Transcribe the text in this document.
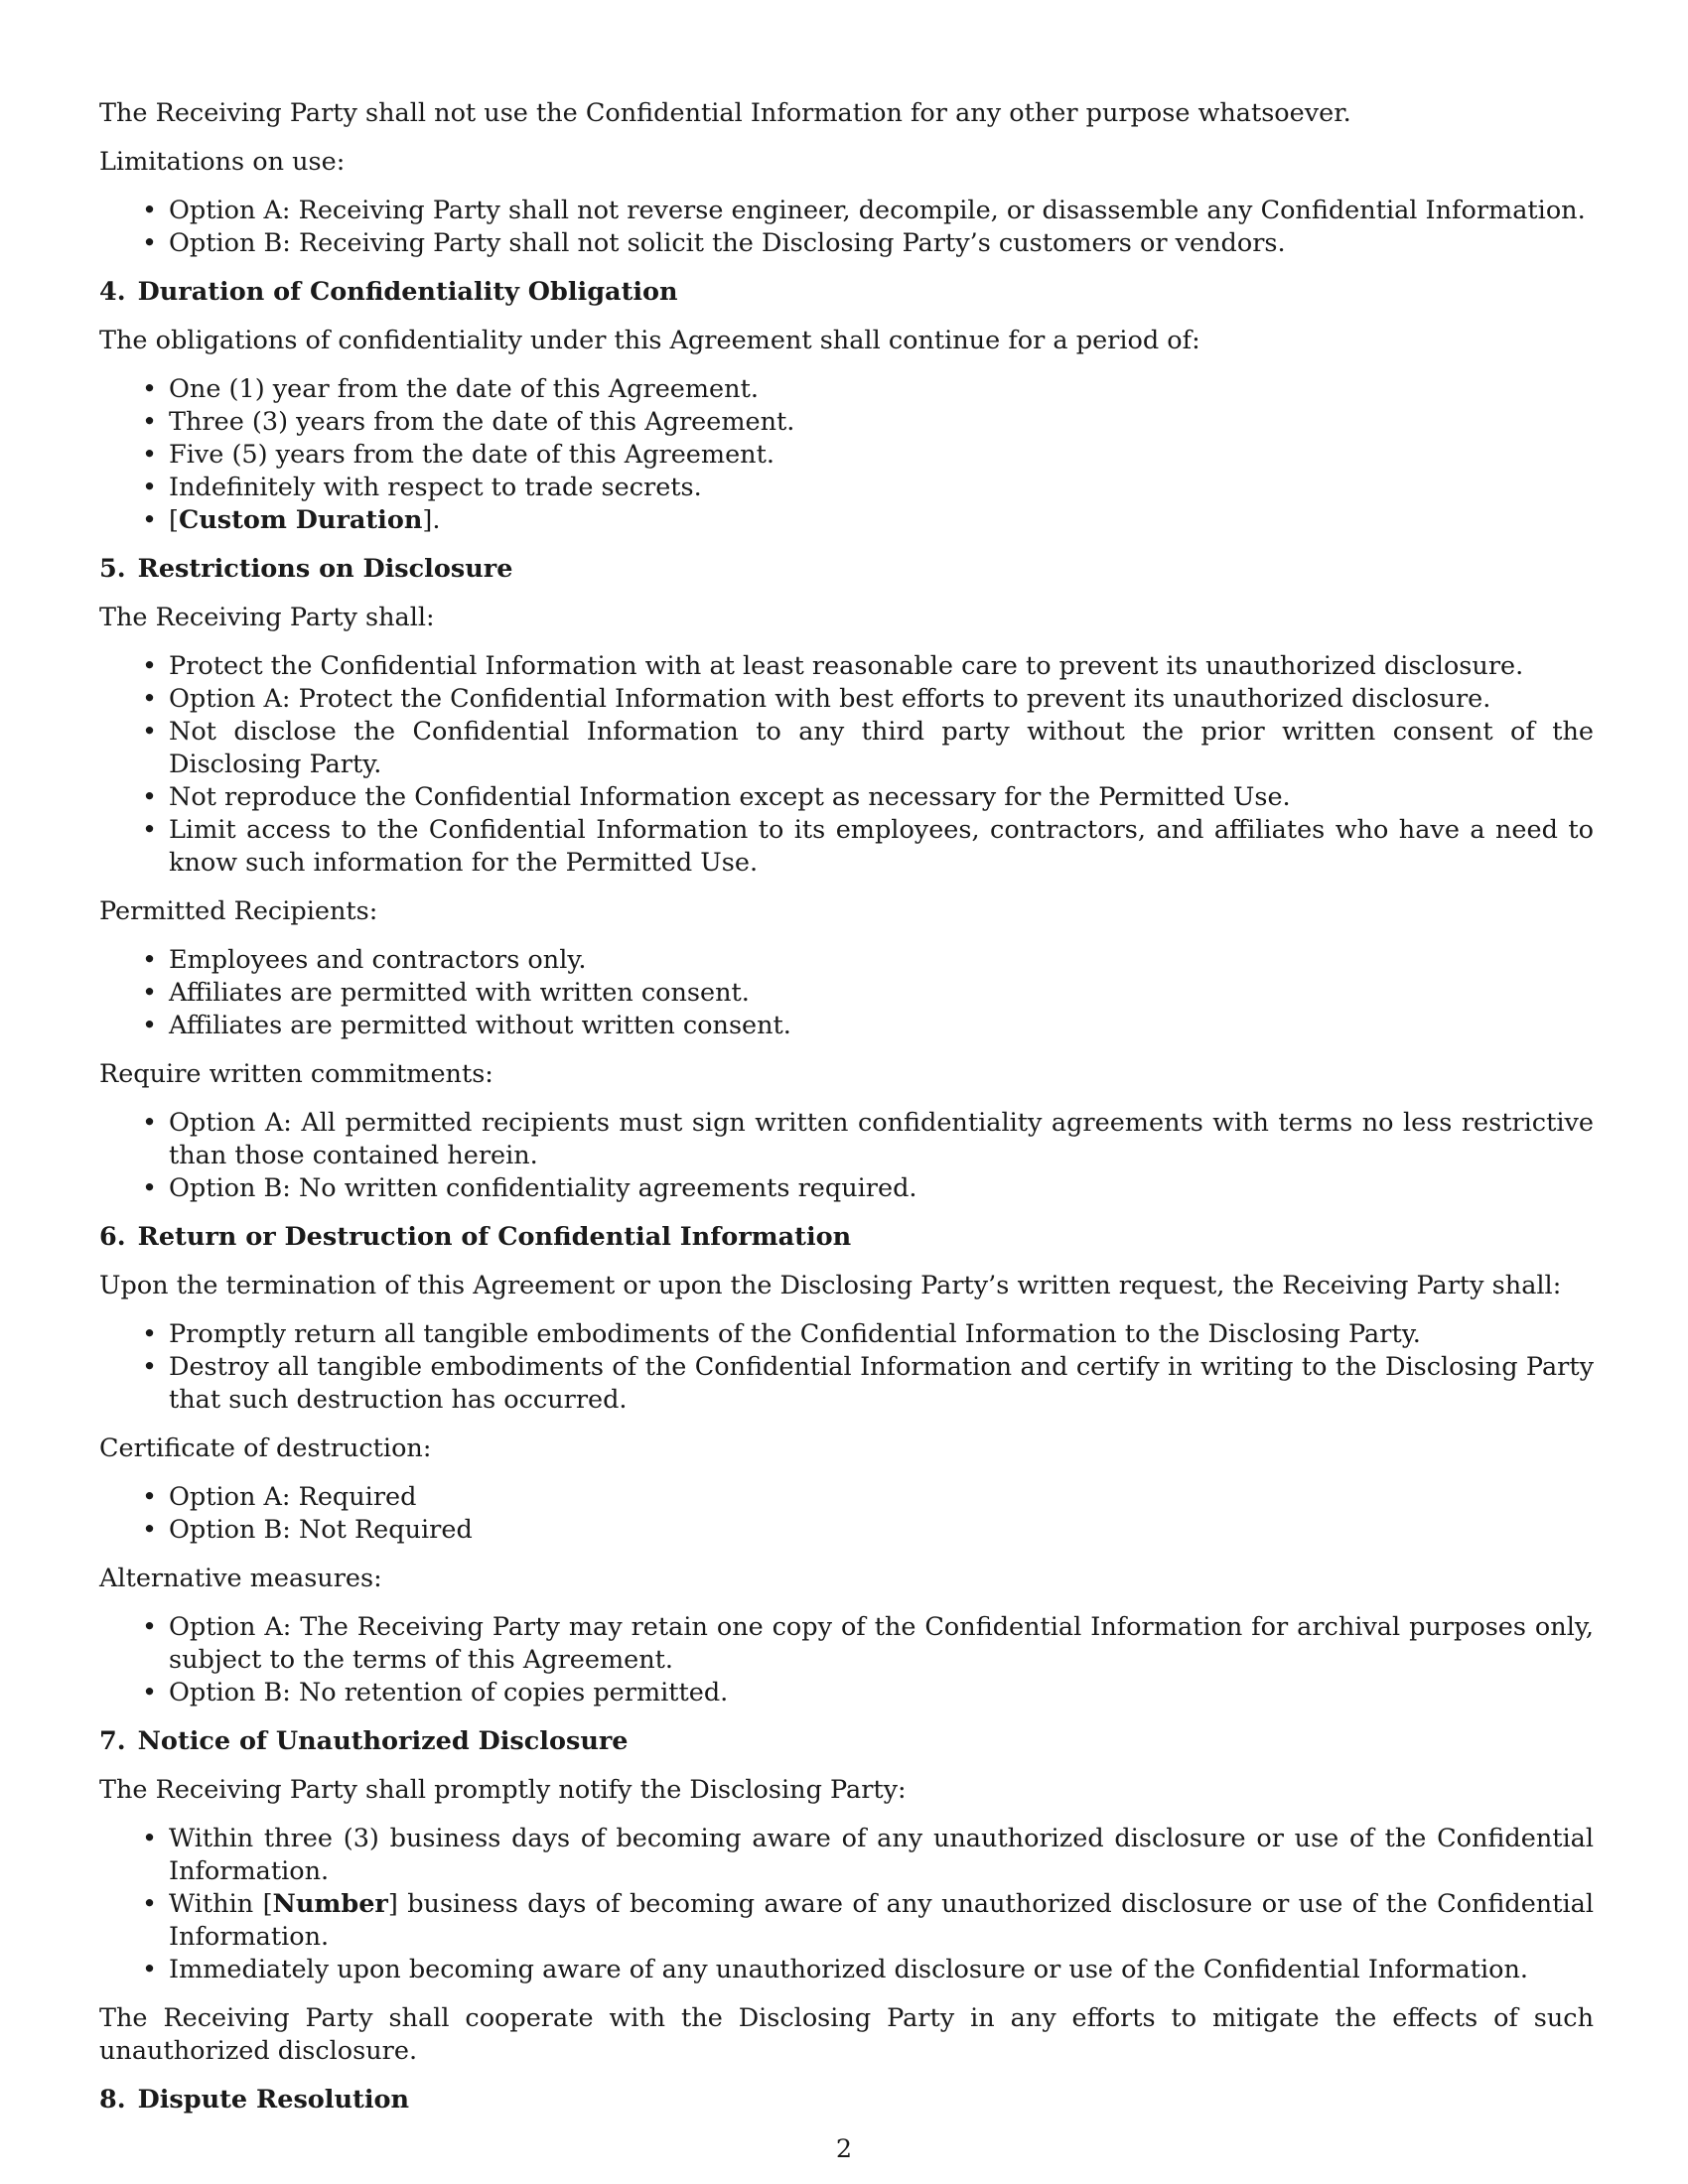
The Receiving Party shall not use the Confidential Information for any other purpose whatsoever.

Limitations on use:

• Option A: Receiving Party shall not reverse engineer, decompile, or disassemble any Confidential Information.
• Option B: Receiving Party shall not solicit the Disclosing Party’s customers or vendors.
4. Duration of Confidentiality Obligation

The obligations of confidentiality under this Agreement shall continue for a period of:

• One (1) year from the date of this Agreement.
• Three (3) years from the date of this Agreement.
• Five (5) years from the date of this Agreement.
• Indefinitely with respect to trade secrets.
• [Custom Duration].
5. Restrictions on Disclosure

The Receiving Party shall:

• Protect the Confidential Information with at least reasonable care to prevent its unauthorized disclosure.
• Option A: Protect the Confidential Information with best efforts to prevent its unauthorized disclosure.
• Not disclose the Confidential Information to any third party without the prior written consent of the Disclosing Party.
• Not reproduce the Confidential Information except as necessary for the Permitted Use.
• Limit access to the Confidential Information to its employees, contractors, and affiliates who have a need to know such information for the Permitted Use.

Permitted Recipients:

• Employees and contractors only.
• Affiliates are permitted with written consent.
• Affiliates are permitted without written consent.

Require written commitments:

• Option A: All permitted recipients must sign written confidentiality agreements with terms no less restrictive than those contained herein.
• Option B: No written confidentiality agreements required.
6. Return or Destruction of Confidential Information

Upon the termination of this Agreement or upon the Disclosing Party’s written request, the Receiving Party shall:

• Promptly return all tangible embodiments of the Confidential Information to the Disclosing Party.
• Destroy all tangible embodiments of the Confidential Information and certify in writing to the Disclosing Party that such destruction has occurred.

Certificate of destruction:

• Option A: Required
• Option B: Not Required

Alternative measures:

• Option A: The Receiving Party may retain one copy of the Confidential Information for archival purposes only, subject to the terms of this Agreement.
• Option B: No retention of copies permitted.
7. Notice of Unauthorized Disclosure

The Receiving Party shall promptly notify the Disclosing Party:

• Within three (3) business days of becoming aware of any unauthorized disclosure or use of the Confidential Information.
• Within [Number] business days of becoming aware of any unauthorized disclosure or use of the Confidential Information.
• Immediately upon becoming aware of any unauthorized disclosure or use of the Confidential Information.

The Receiving Party shall cooperate with the Disclosing Party in any efforts to mitigate the effects of such unauthorized disclosure.

8. Dispute Resolution
2
